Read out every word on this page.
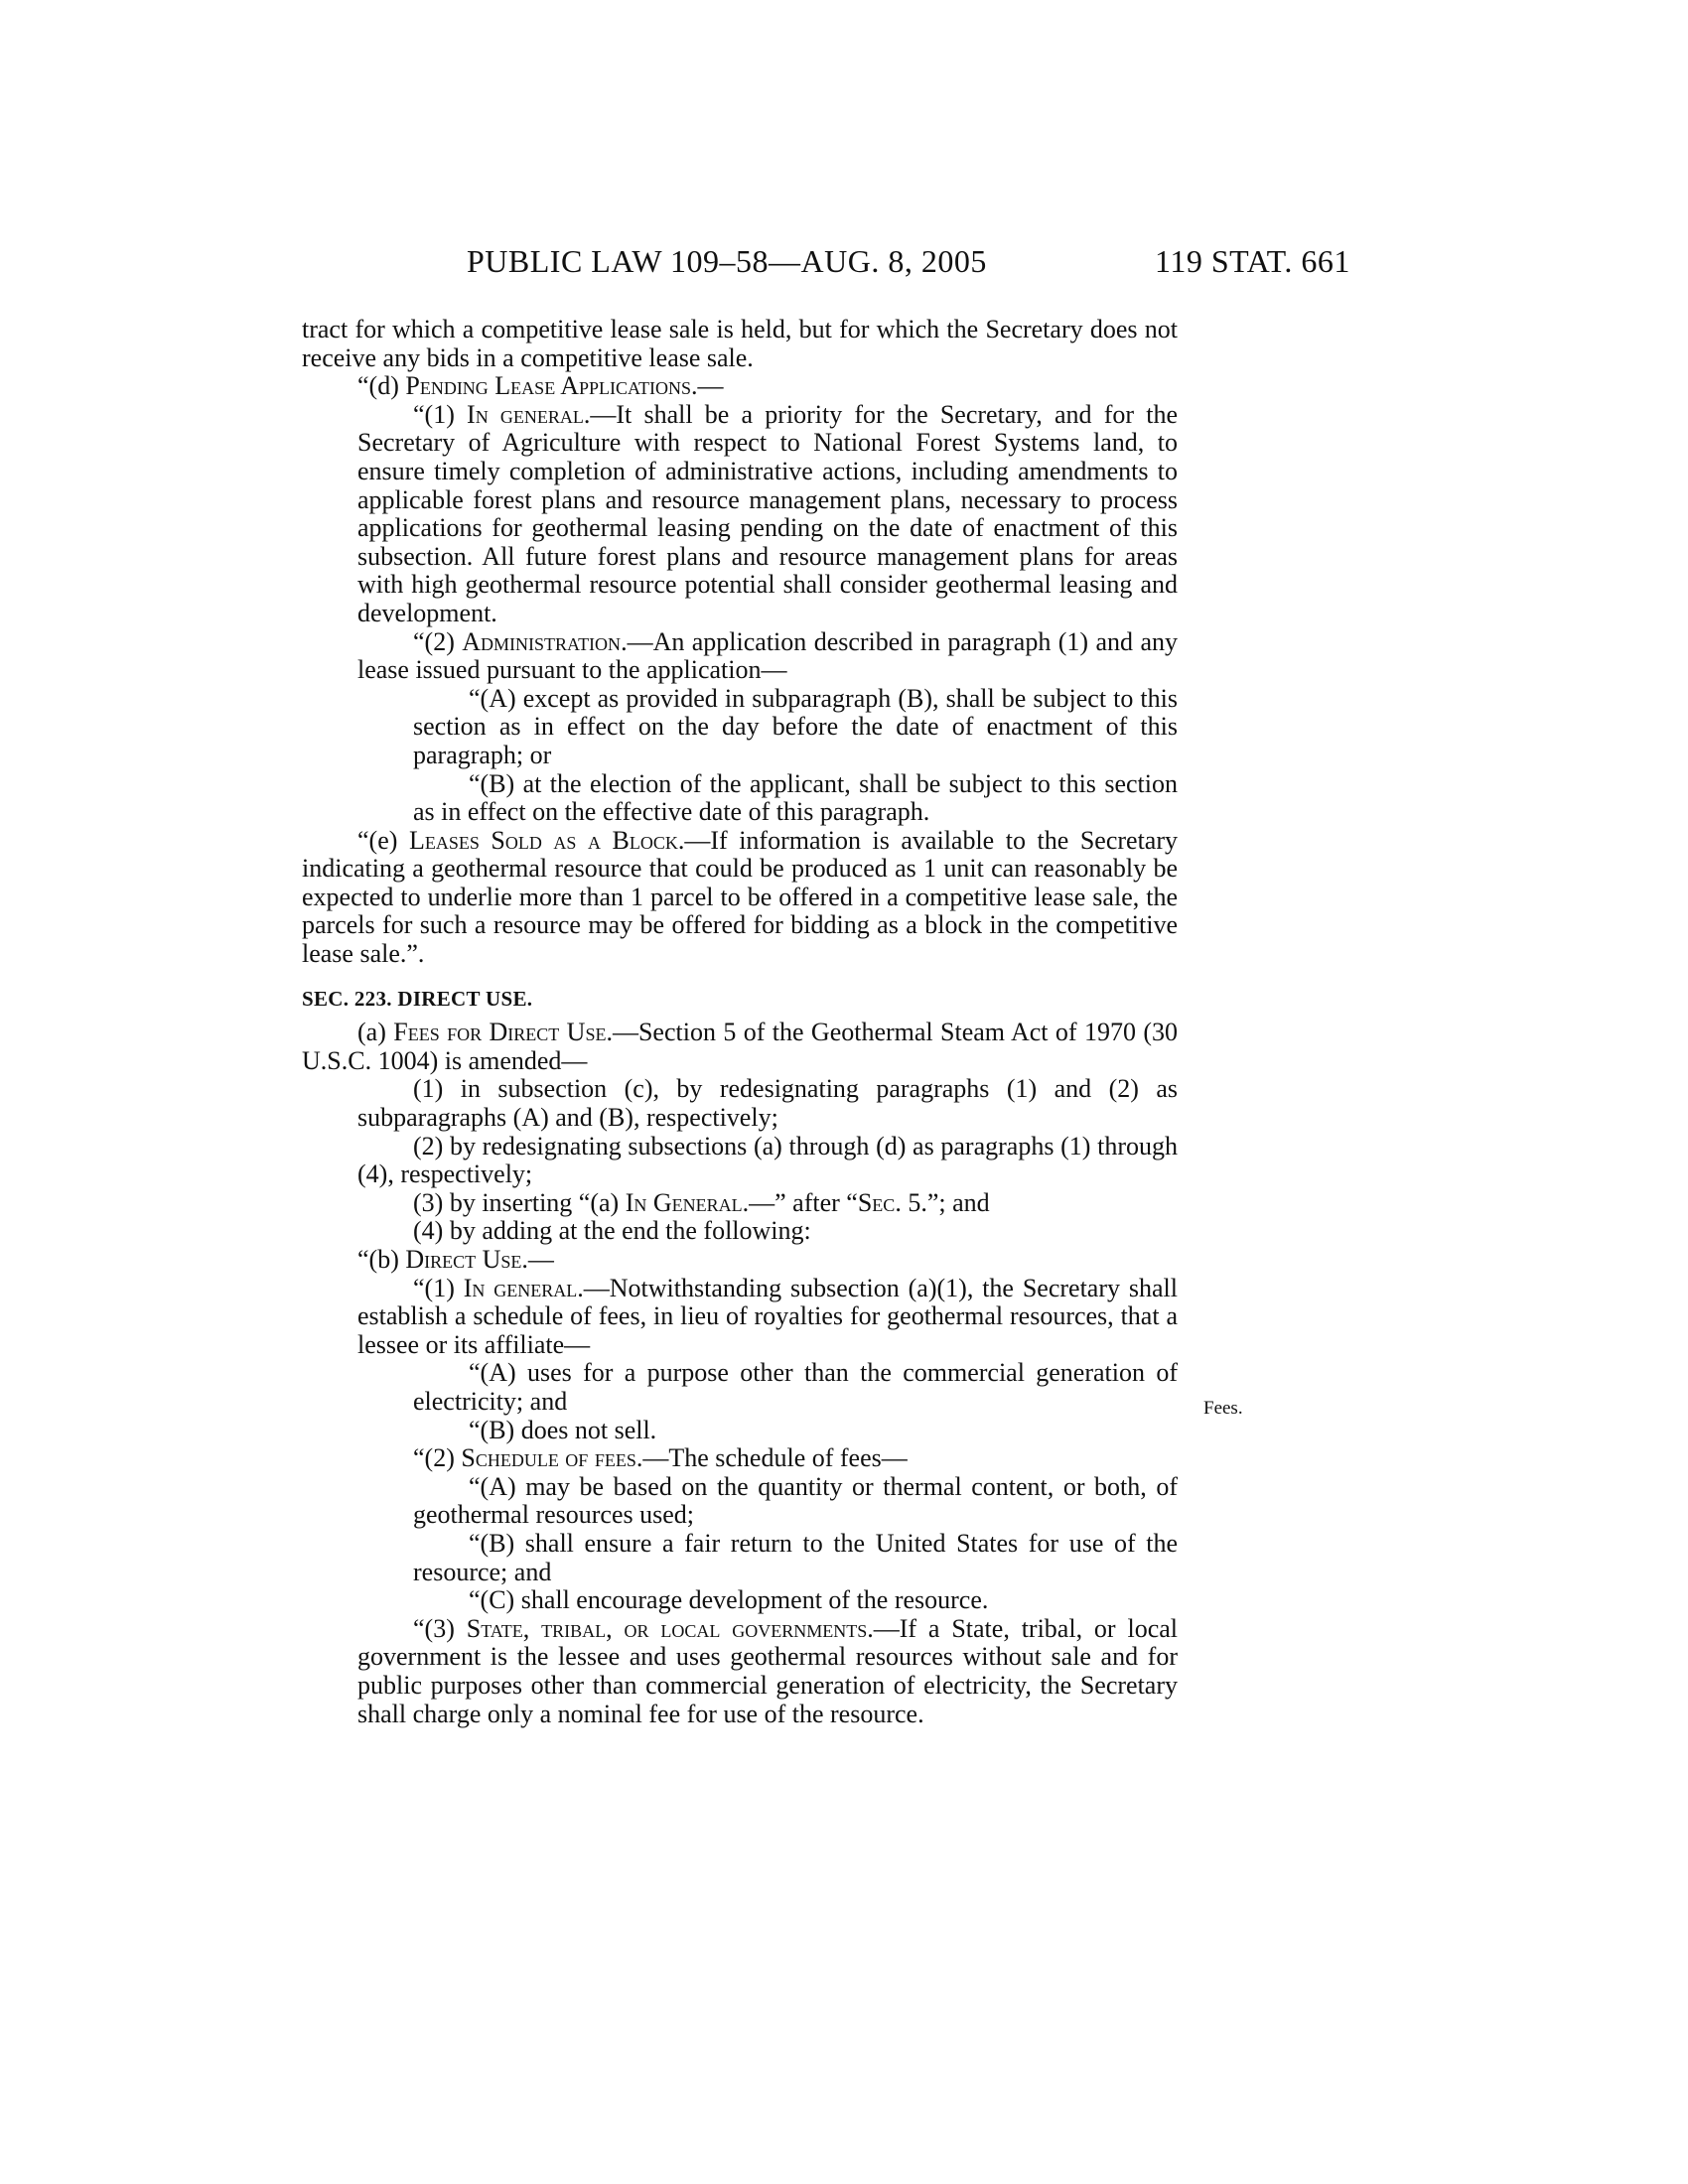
PUBLIC LAW 109–58—AUG. 8, 2005	119 STAT. 661
Fees.

tract for which a competitive lease sale is held, but for which the Secretary does not receive any bids in a competitive lease sale.

“(d) Pending Lease Applications.—

“(1) In general.—It shall be a priority for the Secretary, and for the Secretary of Agriculture with respect to National Forest Systems land, to ensure timely completion of administrative actions, including amendments to applicable forest plans and resource management plans, necessary to process applications for geothermal leasing pending on the date of enactment of this subsection. All future forest plans and resource management plans for areas with high geothermal resource potential shall consider geothermal leasing and development.

“(2) Administration.—An application described in paragraph (1) and any lease issued pursuant to the application—

“(A) except as provided in subparagraph (B), shall be subject to this section as in effect on the day before the date of enactment of this paragraph; or

“(B) at the election of the applicant, shall be subject to this section as in effect on the effective date of this paragraph.

“(e) Leases Sold as a Block.—If information is available to the Secretary indicating a geothermal resource that could be produced as 1 unit can reasonably be expected to underlie more than 1 parcel to be offered in a competitive lease sale, the parcels for such a resource may be offered for bidding as a block in the competitive lease sale.”.

SEC. 223. DIRECT USE.

(a) Fees for Direct Use.—Section 5 of the Geothermal Steam Act of 1970 (30 U.S.C. 1004) is amended—

(1) in subsection (c), by redesignating paragraphs (1) and (2) as subparagraphs (A) and (B), respectively;

(2) by redesignating subsections (a) through (d) as paragraphs (1) through (4), respectively;

(3) by inserting “(a) In General.—” after “Sec. 5.”; and

(4) by adding at the end the following:

“(b) Direct Use.—

“(1) In general.—Notwithstanding subsection (a)(1), the Secretary shall establish a schedule of fees, in lieu of royalties for geothermal resources, that a lessee or its affiliate—

“(A) uses for a purpose other than the commercial generation of electricity; and

“(B) does not sell.

“(2) Schedule of fees.—The schedule of fees—

“(A) may be based on the quantity or thermal content, or both, of geothermal resources used;

“(B) shall ensure a fair return to the United States for use of the resource; and

“(C) shall encourage development of the resource.

“(3) State, tribal, or local governments.—If a State, tribal, or local government is the lessee and uses geothermal resources without sale and for public purposes other than commercial generation of electricity, the Secretary shall charge only a nominal fee for use of the resource.
